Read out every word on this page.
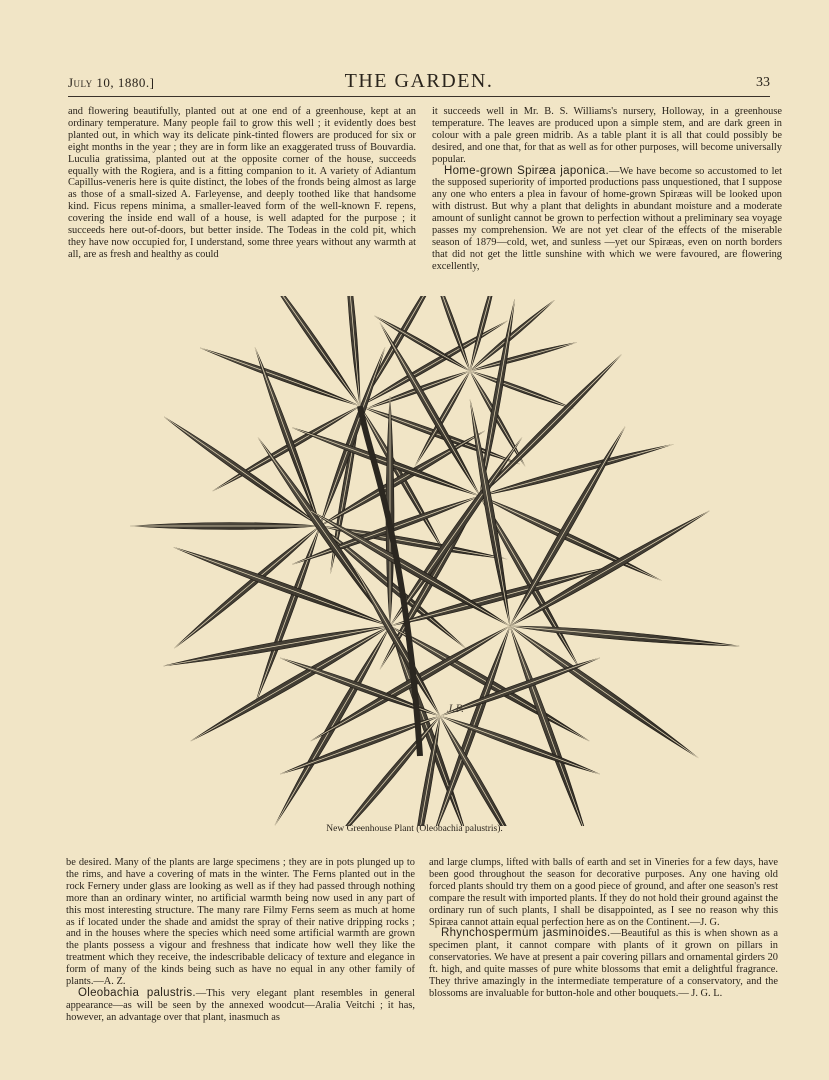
July 10, 1880.]	THE GARDEN.	33

and flowering beautifully, planted out at one end of a greenhouse, kept at an ordinary temperature. Many people fail to grow this well ; it evidently does best planted out, in which way its delicate pink-tinted flowers are produced for six or eight months in the year ; they are in form like an exaggerated truss of Bouvardia. Luculia gratissima, planted out at the opposite corner of the house, succeeds equally with the Rogiera, and is a fitting companion to it. A variety of Adiantum Capillus-veneris here is quite distinct, the lobes of the fronds being almost as large as those of a small-sized A. Farleyense, and deeply toothed like that handsome kind. Ficus repens minima, a smaller-leaved form of the well-known F. repens, covering the inside end wall of a house, is well adapted for the purpose ; it succeeds here out-of-doors, but better inside. The Todeas in the cold pit, which they have now occupied for, I understand, some three years without any warmth at all, are as fresh and healthy as could

it succeeds well in Mr. B. S. Williams's nursery, Holloway, in a greenhouse temperature. The leaves are produced upon a simple stem, and are dark green in colour with a pale green midrib. As a table plant it is all that could possibly be desired, and one that, for that as well as for other purposes, will become universally popular.

Home-grown Spiræa japonica.—We have become so accustomed to let the supposed superiority of imported productions pass unquestioned, that I suppose any one who enters a plea in favour of home-grown Spiræas will be looked upon with distrust. But why a plant that delights in abundant moisture and a moderate amount of sunlight cannot be grown to perfection without a preliminary sea voyage passes my comprehension. We are not yet clear of the effects of the miserable season of 1879—cold, wet, and sunless —yet our Spiræas, even on north borders that did not get the little sunshine with which we were favoured, are flowering excellently,

J.P.
New Greenhouse Plant (Oleobachia palustris).

be desired. Many of the plants are large specimens ; they are in pots plunged up to the rims, and have a covering of mats in the winter. The Ferns planted out in the rock Fernery under glass are looking as well as if they had passed through nothing more than an ordinary winter, no artificial warmth being now used in any part of this most interesting structure. The many rare Filmy Ferns seem as much at home as if located under the shade and amidst the spray of their native dripping rocks ; and in the houses where the species which need some artificial warmth are grown the plants possess a vigour and freshness that indicate how well they like the treatment which they receive, the indescribable delicacy of texture and elegance in form of many of the kinds being such as have no equal in any other family of plants.—A. Z.

Oleobachia palustris.—This very elegant plant resembles in general appearance—as will be seen by the annexed woodcut—Aralia Veitchi ; it has, however, an advantage over that plant, inasmuch as

and large clumps, lifted with balls of earth and set in Vineries for a few days, have been good throughout the season for decorative purposes. Any one having old forced plants should try them on a good piece of ground, and after one season's rest compare the result with imported plants. If they do not hold their ground against the ordinary run of such plants, I shall be disappointed, as I see no reason why this Spiræa cannot attain equal perfection here as on the Continent.—J. G.

Rhynchospermum jasminoides.—Beautiful as this is when shown as a specimen plant, it cannot compare with plants of it grown on pillars in conservatories. We have at present a pair covering pillars and ornamental girders 20 ft. high, and quite masses of pure white blossoms that emit a delightful fragrance. They thrive amazingly in the intermediate temperature of a conservatory, and the blossoms are invaluable for button-hole and other bouquets.— J. G. L.
